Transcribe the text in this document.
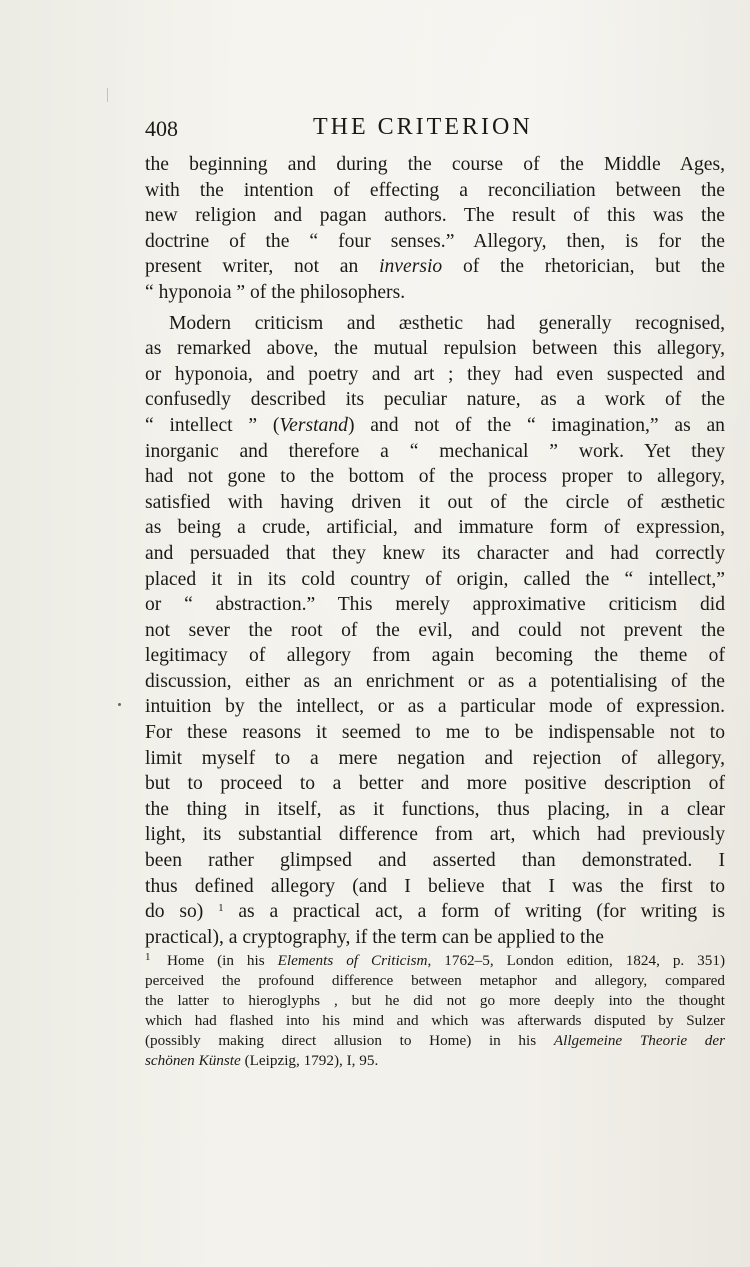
408	THE CRITERION
the beginning and during the course of the Middle Ages,
with the intention of effecting a reconciliation between the
new religion and pagan authors. The result of this was the
doctrine of the “ four senses.” Allegory, then, is for the
present writer, not an inversio of the rhetorician, but the
“ hyponoia ” of the philosophers.
Modern criticism and æsthetic had generally recognised,
as remarked above, the mutual repulsion between this allegory,
or hyponoia, and poetry and art ; they had even suspected and
confusedly described its peculiar nature, as a work of the
“ intellect ” (Verstand) and not of the “ imagination,” as an
inorganic and therefore a “ mechanical ” work. Yet they
had not gone to the bottom of the process proper to allegory,
satisfied with having driven it out of the circle of æsthetic
as being a crude, artificial, and immature form of expression,
and persuaded that they knew its character and had correctly
placed it in its cold country of origin, called the “ intellect,”
or “ abstraction.” This merely approximative criticism did
not sever the root of the evil, and could not prevent the
legitimacy of allegory from again becoming the theme of
discussion, either as an enrichment or as a potentialising of the
intuition by the intellect, or as a particular mode of expression.
For these reasons it seemed to me to be indispensable not to
limit myself to a mere negation and rejection of allegory,
but to proceed to a better and more positive description of
the thing in itself, as it functions, thus placing, in a clear
light, its substantial difference from art, which had previously
been rather glimpsed and asserted than demonstrated. I
thus defined allegory (and I believe that I was the first to
do so) $^1$ as a practical act, a form of writing (for writing is
practical), a cryptography, if the term can be applied to the
1 Home (in his Elements of Criticism, 1762–5, London edition, 1824, p. 351)
perceived the profound difference between metaphor and allegory, compared
the latter to hieroglyphs , but he did not go more deeply into the thought
which had flashed into his mind and which was afterwards disputed by Sulzer
(possibly making direct allusion to Home) in his Allgemeine Theorie der
schönen Künste (Leipzig, 1792), I, 95.
